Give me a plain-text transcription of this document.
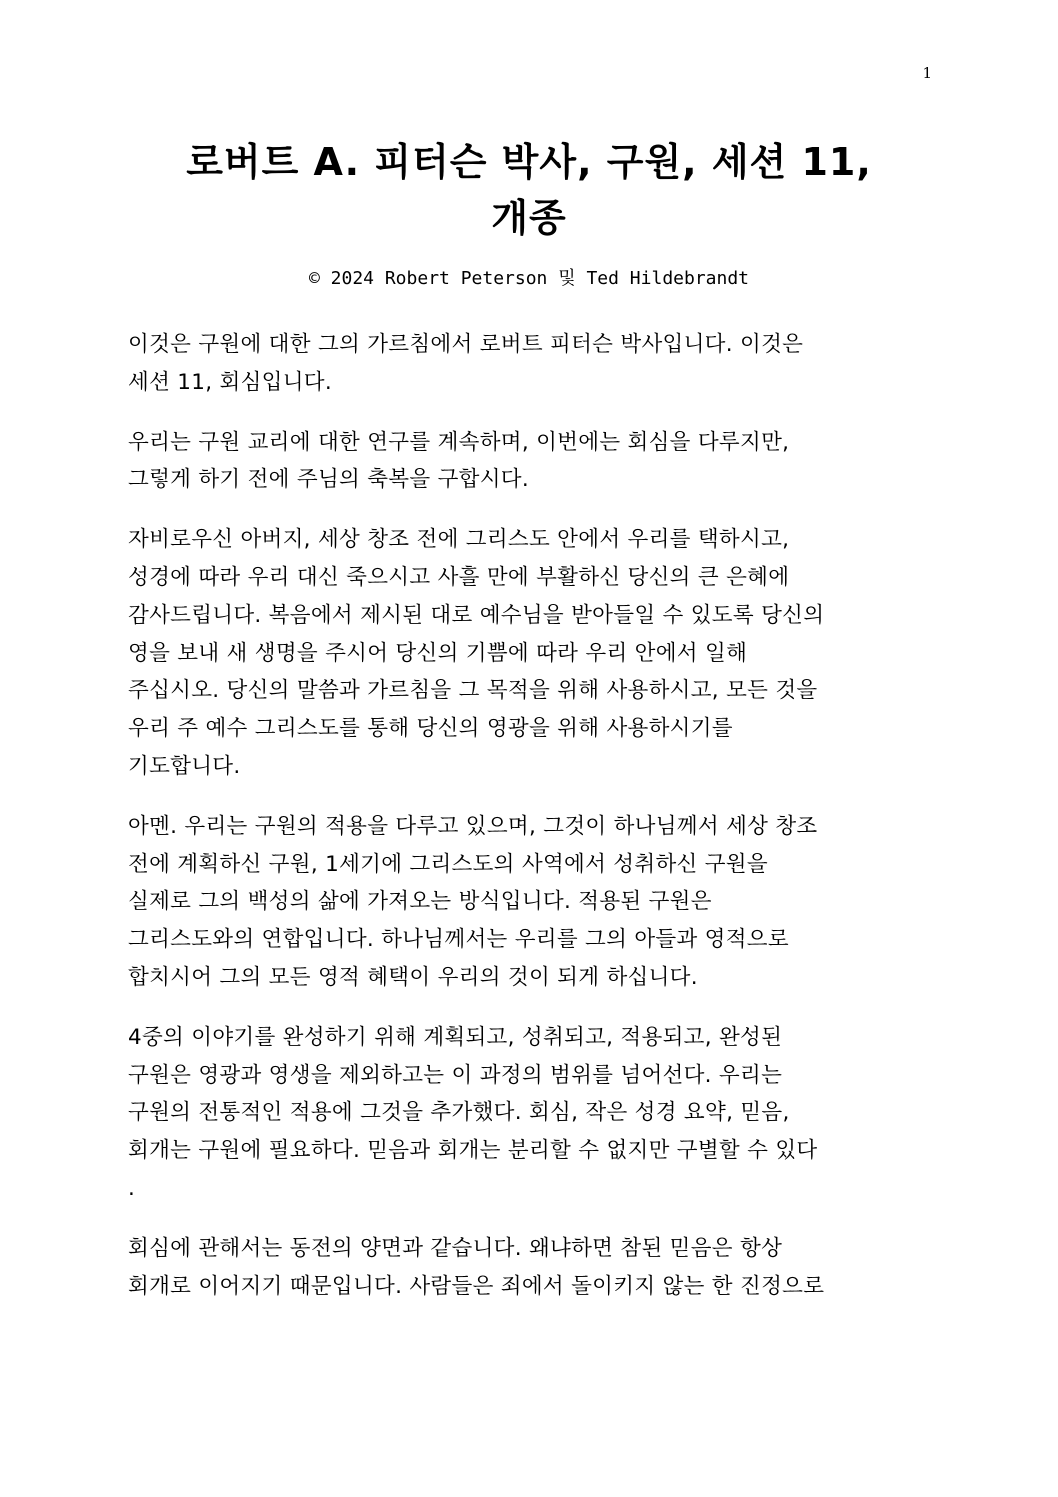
1
로버트 A. 피터슨 박사, 구원, 세션 11,
개종
© 2024 Robert Peterson 및 Ted Hildebrandt

이것은 구원에 대한 그의 가르침에서 로버트 피터슨 박사입니다. 이것은
세션 11, 회심입니다.

우리는 구원 교리에 대한 연구를 계속하며, 이번에는 회심을 다루지만,
그렇게 하기 전에 주님의 축복을 구합시다.

자비로우신 아버지, 세상 창조 전에 그리스도 안에서 우리를 택하시고,
성경에 따라 우리 대신 죽으시고 사흘 만에 부활하신 당신의 큰 은혜에
감사드립니다. 복음에서 제시된 대로 예수님을 받아들일 수 있도록 당신의
영을 보내 새 생명을 주시어 당신의 기쁨에 따라 우리 안에서 일해
주십시오. 당신의 말씀과 가르침을 그 목적을 위해 사용하시고, 모든 것을
우리 주 예수 그리스도를 통해 당신의 영광을 위해 사용하시기를
기도합니다.

아멘. 우리는 구원의 적용을 다루고 있으며, 그것이 하나님께서 세상 창조
전에 계획하신 구원, 1세기에 그리스도의 사역에서 성취하신 구원을
실제로 그의 백성의 삶에 가져오는 방식입니다. 적용된 구원은
그리스도와의 연합입니다. 하나님께서는 우리를 그의 아들과 영적으로
합치시어 그의 모든 영적 혜택이 우리의 것이 되게 하십니다.

4중의 이야기를 완성하기 위해 계획되고, 성취되고, 적용되고, 완성된
구원은 영광과 영생을 제외하고는 이 과정의 범위를 넘어선다. 우리는
구원의 전통적인 적용에 그것을 추가했다. 회심, 작은 성경 요약, 믿음,
회개는 구원에 필요하다. 믿음과 회개는 분리할 수 없지만 구별할 수 있다
.

회심에 관해서는 동전의 양면과 같습니다. 왜냐하면 참된 믿음은 항상
회개로 이어지기 때문입니다. 사람들은 죄에서 돌이키지 않는 한 진정으로
